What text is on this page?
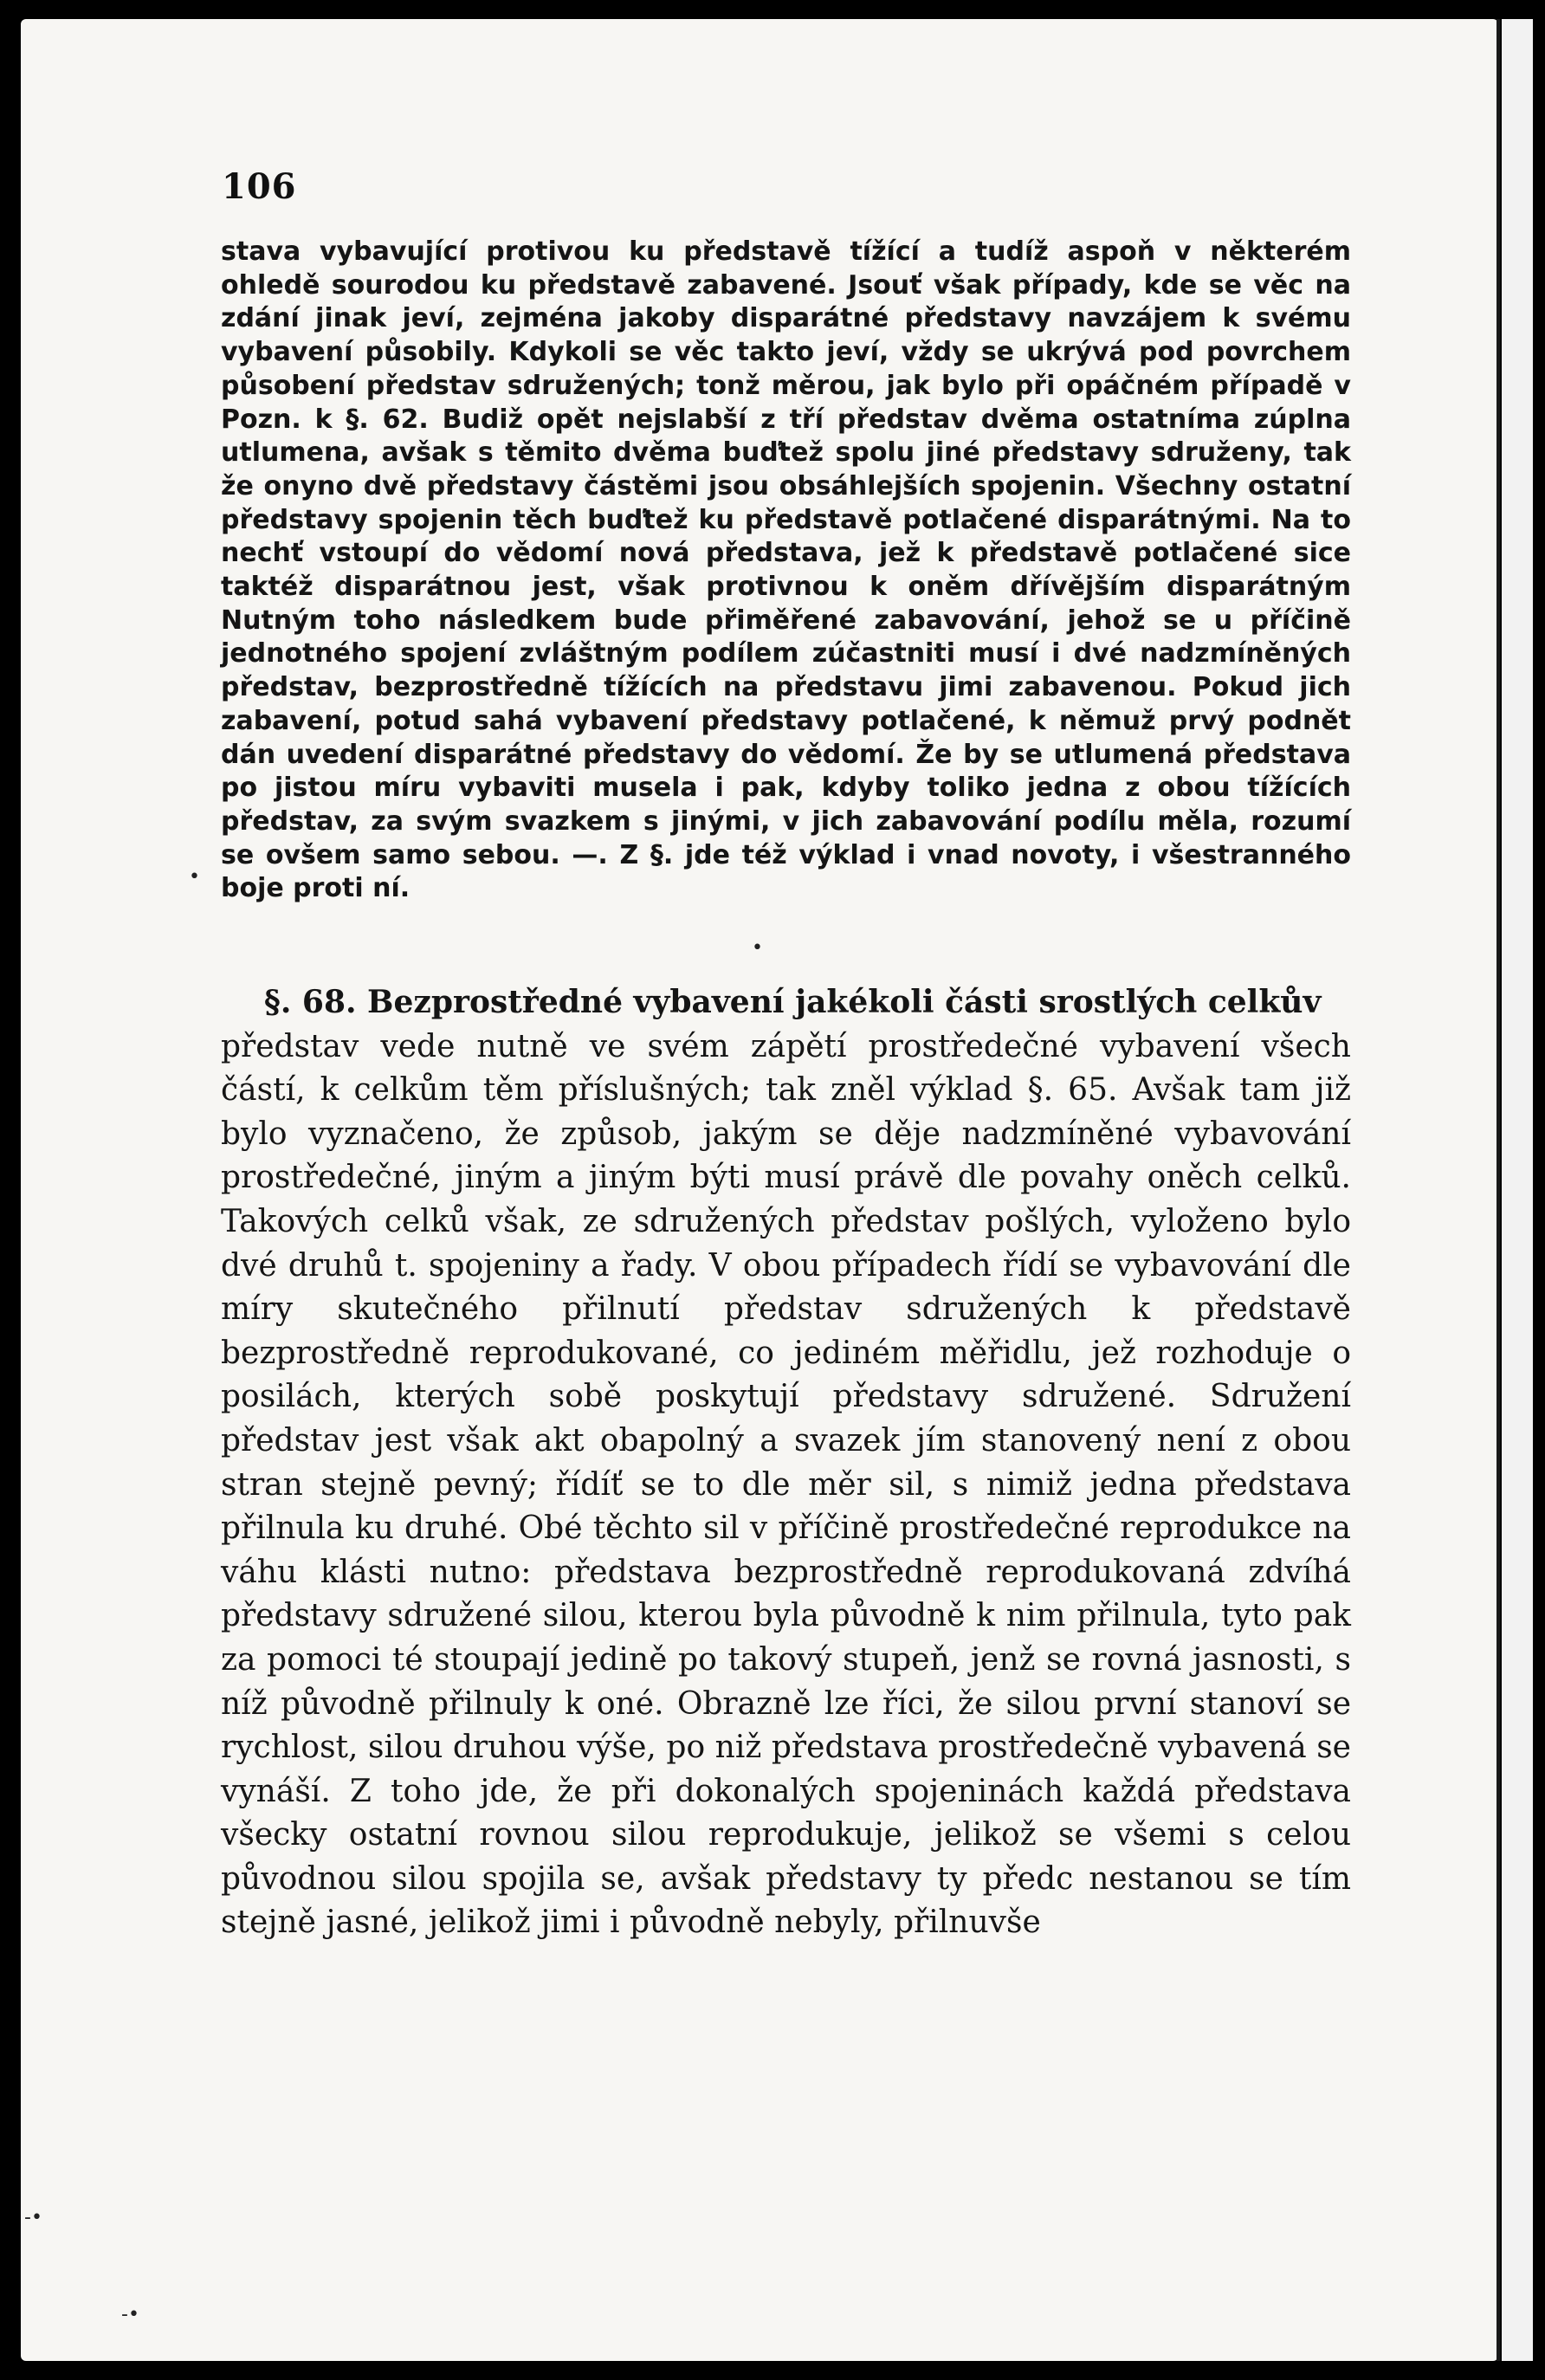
106

stava vybavující protivou ku představě tížící a tudíž aspoň v některém ohledě sourodou ku představě zabavené. Jsouť však případy, kde se věc na zdání jinak jeví, zejména jakoby disparátné představy navzájem k svému vybavení působily. Kdykoli se věc takto jeví, vždy se ukrývá pod povrchem působení představ sdružených; tonž měrou, jak bylo při opáčném případě v Pozn. k §. 62. Budiž opět nejslabší z tří představ dvěma ostatníma zúplna utlumena, avšak s těmito dvěma buďtež spolu jiné představy sdruženy, tak že onyno dvě představy částěmi jsou obsáhlejších spojenin. Všechny ostatní představy spojenin těch buďtež ku představě potlačené disparátnými. Na to nechť vstoupí do vědomí nová představa, jež k představě potlačené sice taktéž disparátnou jest, však protivnou k oněm dřívějším disparátným Nutným toho následkem bude přiměřené zabavování, jehož se u příčině jednotného spojení zvláštným podílem zúčastniti musí i dvé nadzmíněných představ, bezprostředně tížících na představu jimi zabavenou. Pokud jich zabavení, potud sahá vybavení představy potlačené, k němuž prvý podnět dán uvedení disparátné představy do vědomí. Že by se utlumená představa po jistou míru vybaviti musela i pak, kdyby toliko jedna z obou tížících představ, za svým svazkem s jinými, v jich zabavování podílu měla, rozumí se ovšem samo sebou. —. Z §. jde též výklad i vnad novoty, i všestranného boje proti ní.

§. 68. Bezprostředné vybavení jakékoli části srostlých celkův

představ vede nutně ve svém zápětí prostředečné vybavení všech částí, k celkům těm příslušných; tak zněl výklad §. 65. Avšak tam již bylo vyznačeno, že způsob, jakým se děje nadzmíněné vybavování prostředečné, jiným a jiným býti musí právě dle povahy oněch celků. Takových celků však, ze sdružených představ pošlých, vyloženo bylo dvé druhů t. spojeniny a řady. V obou případech řídí se vybavování dle míry skutečného přilnutí představ sdružených k představě bezprostředně reprodukované, co jediném měřidlu, jež rozhoduje o posilách, kterých sobě poskytují představy sdružené. Sdružení představ jest však akt obapolný a svazek jím stanovený není z obou stran stejně pevný; řídíť se to dle měr sil, s nimiž jedna představa přilnula ku druhé. Obé těchto sil v příčině prostředečné reprodukce na váhu klásti nutno: představa bezprostředně reprodukovaná zdvíhá představy sdružené silou, kterou byla původně k nim přilnula, tyto pak za pomoci té stoupají jedině po takový stupeň, jenž se rovná jasnosti, s níž původně přilnuly k oné. Obrazně lze říci, že silou první stanoví se rychlost, silou druhou výše, po niž představa prostředečně vybavená se vynáší. Z toho jde, že při dokonalých spojeninách každá představa všecky ostatní rovnou silou reprodukuje, jelikož se všemi s celou původnou silou spojila se, avšak představy ty předc nestanou se tím stejně jasné, jelikož jimi i původně nebyly, přilnuvše

•
•
-•
-•
